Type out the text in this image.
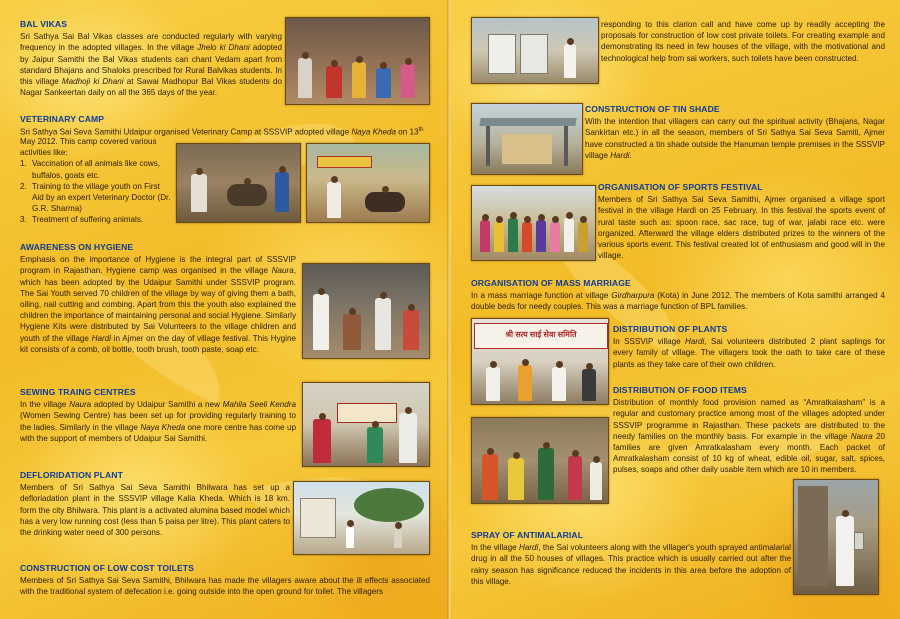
BAL VIKAS
Sri Sathya Sai Bal Vikas classes are conducted regularly with varying frequency in the adopted villages. In the village Jhelo ki Dhani adopted by Jaipur Samithi the Bal Vikas students can chant Vedam apart from standard Bhajans and Shaloks prescribed for Rural Balvikas students. In this village Madhoji ki Dhani at Sawai Madhopur Bal Vikas students do Nagar Sankeertan daily on all the 365 days of the year.
VETERINARY CAMP
Sri Sathya Sai Seva Samithi Udaipur organised Veterinary Camp at SSSVIP adopted village Naya Kheda on 13th
May 2012. This camp covered various activities like:
1. Vaccination of all animals like cows, buffalos, goats etc.
2. Training to the village youth on First Aid by an expert Veterinary Doctor (Dr. G.R. Sharma)
3. Treatment of suffering animals.
AWARENESS ON HYGIENE
Emphasis on the importance of Hygiene is the integral part of SSSVIP program in Rajasthan. Hygiene camp was organised in the village Naura, which has been adopted by the Udaipur Samithi under SSSVIP program. The Sai Youth served 70 children of the village by way of giving them a bath, oiling, nail cutting and combing. Apart from this the youth also explained the children the importance of maintaining personal and social Hygiene. Similarly Hygiene Kits were distributed by Sai Volunteers to the village children and youth of the village Hardi in Ajmer on the day of village festival. This Hygine kit consists of a comb, oil bottle, tooth brush, tooth paste, soap etc.
SEWING TRAING CENTRES
In the village Naura adopted by Udaipur Samithi a new Mahila Seeli Kendra (Women Sewing Centre) has been set up for providing regularly training to the ladies. Similarly in the village Naya Kheda one more centre has come up with the support of members of Udaipur Sai Samithi.
DEFLORIDATION PLANT
Members of Sri Sathya Sai Seva Samithi Bhilwara has set up a defloriadation plant in the SSSVIP village Kalia Kheda. Which is 18 km. form the city Bhilwara. This plant is a activated alumina based model which has a very low running cost (less than 5 paisa per litre). This plant caters to the drinking water need of 300 persons.
CONSTRUCTION OF LOW COST TOILETS
Members of Sri Sathya Sai Seva Samithi, Bhilwara has made the villagers aware about the ill effects associated with the traditional system of defecation i.e. going outside into the open ground for toilet. The villagers
responding to this clarion call and have come up by readily accepting the proposals for construction of low cost private toilets. For creating example and demonstrating its need in few houses of the village, with the motivational and technological help from sai workers, such toilets have been constructed.
CONSTRUCTION OF TIN SHADE
With the intention that villagers can carry out the spiritual activity (Bhajans, Nagar Sankirtan etc.) in all the season, members of Sri Sathya Sai Seva Samiti, Ajmer have constructed a tin shade outside the Hanuman temple premises in the SSSVIP village Hardi.
ORGANISATION OF SPORTS FESTIVAL
Members of Sri Sathya Sai Seva Samithi, Ajmer organised a village sport festival in the village Hardi on 25 February. In this festival the sports event of rural taste such as: spoon race, sac race, tug of war, jalabi race etc. were organized. Afterward the village elders distributed prizes to the winners of the various sports event. This festival created lot of enthusiasm and good will in the village.
ORGANISATION OF MASS MARRIAGE
In a mass marriage function at village Girdharpura (Kota) in June 2012. The members of Kota samithi arranged 4 double beds for needy couples. This was a marriage function of BPL families.
श्री सत्य साई सेवा समिति
DISTRIBUTION OF PLANTS
In SSSVIP village Hardi, Sai volunteers distributed 2 plant saplings for every family of village. The villagers took the oath to take care of these plants as they take care of their own children.
DISTRIBUTION OF FOOD ITEMS
Distribution of monthly food provision named as “Amratkalasham” is a regular and customary practice among most of the villages adopted under SSSVIP programme in Rajasthan. These packets are distributed to the needy families on the monthly basis. For example in the village Naura 20 families are given Amratkalasham every month. Each packet of Amratkalasham consist of 10 kg of wheat, edible oil, sugar, salt, spices, pulses, soaps and other daily usable item which are 10 in members.
SPRAY OF ANTIMALARIAL
In the village Hardi, the Sai volunteers along with the villager's youth sprayed antimalarial drug in all the 50 houses of villages. This practice which is usually carried out after the rainy season has significance reduced the incidents in this area before the adoption of this village.
